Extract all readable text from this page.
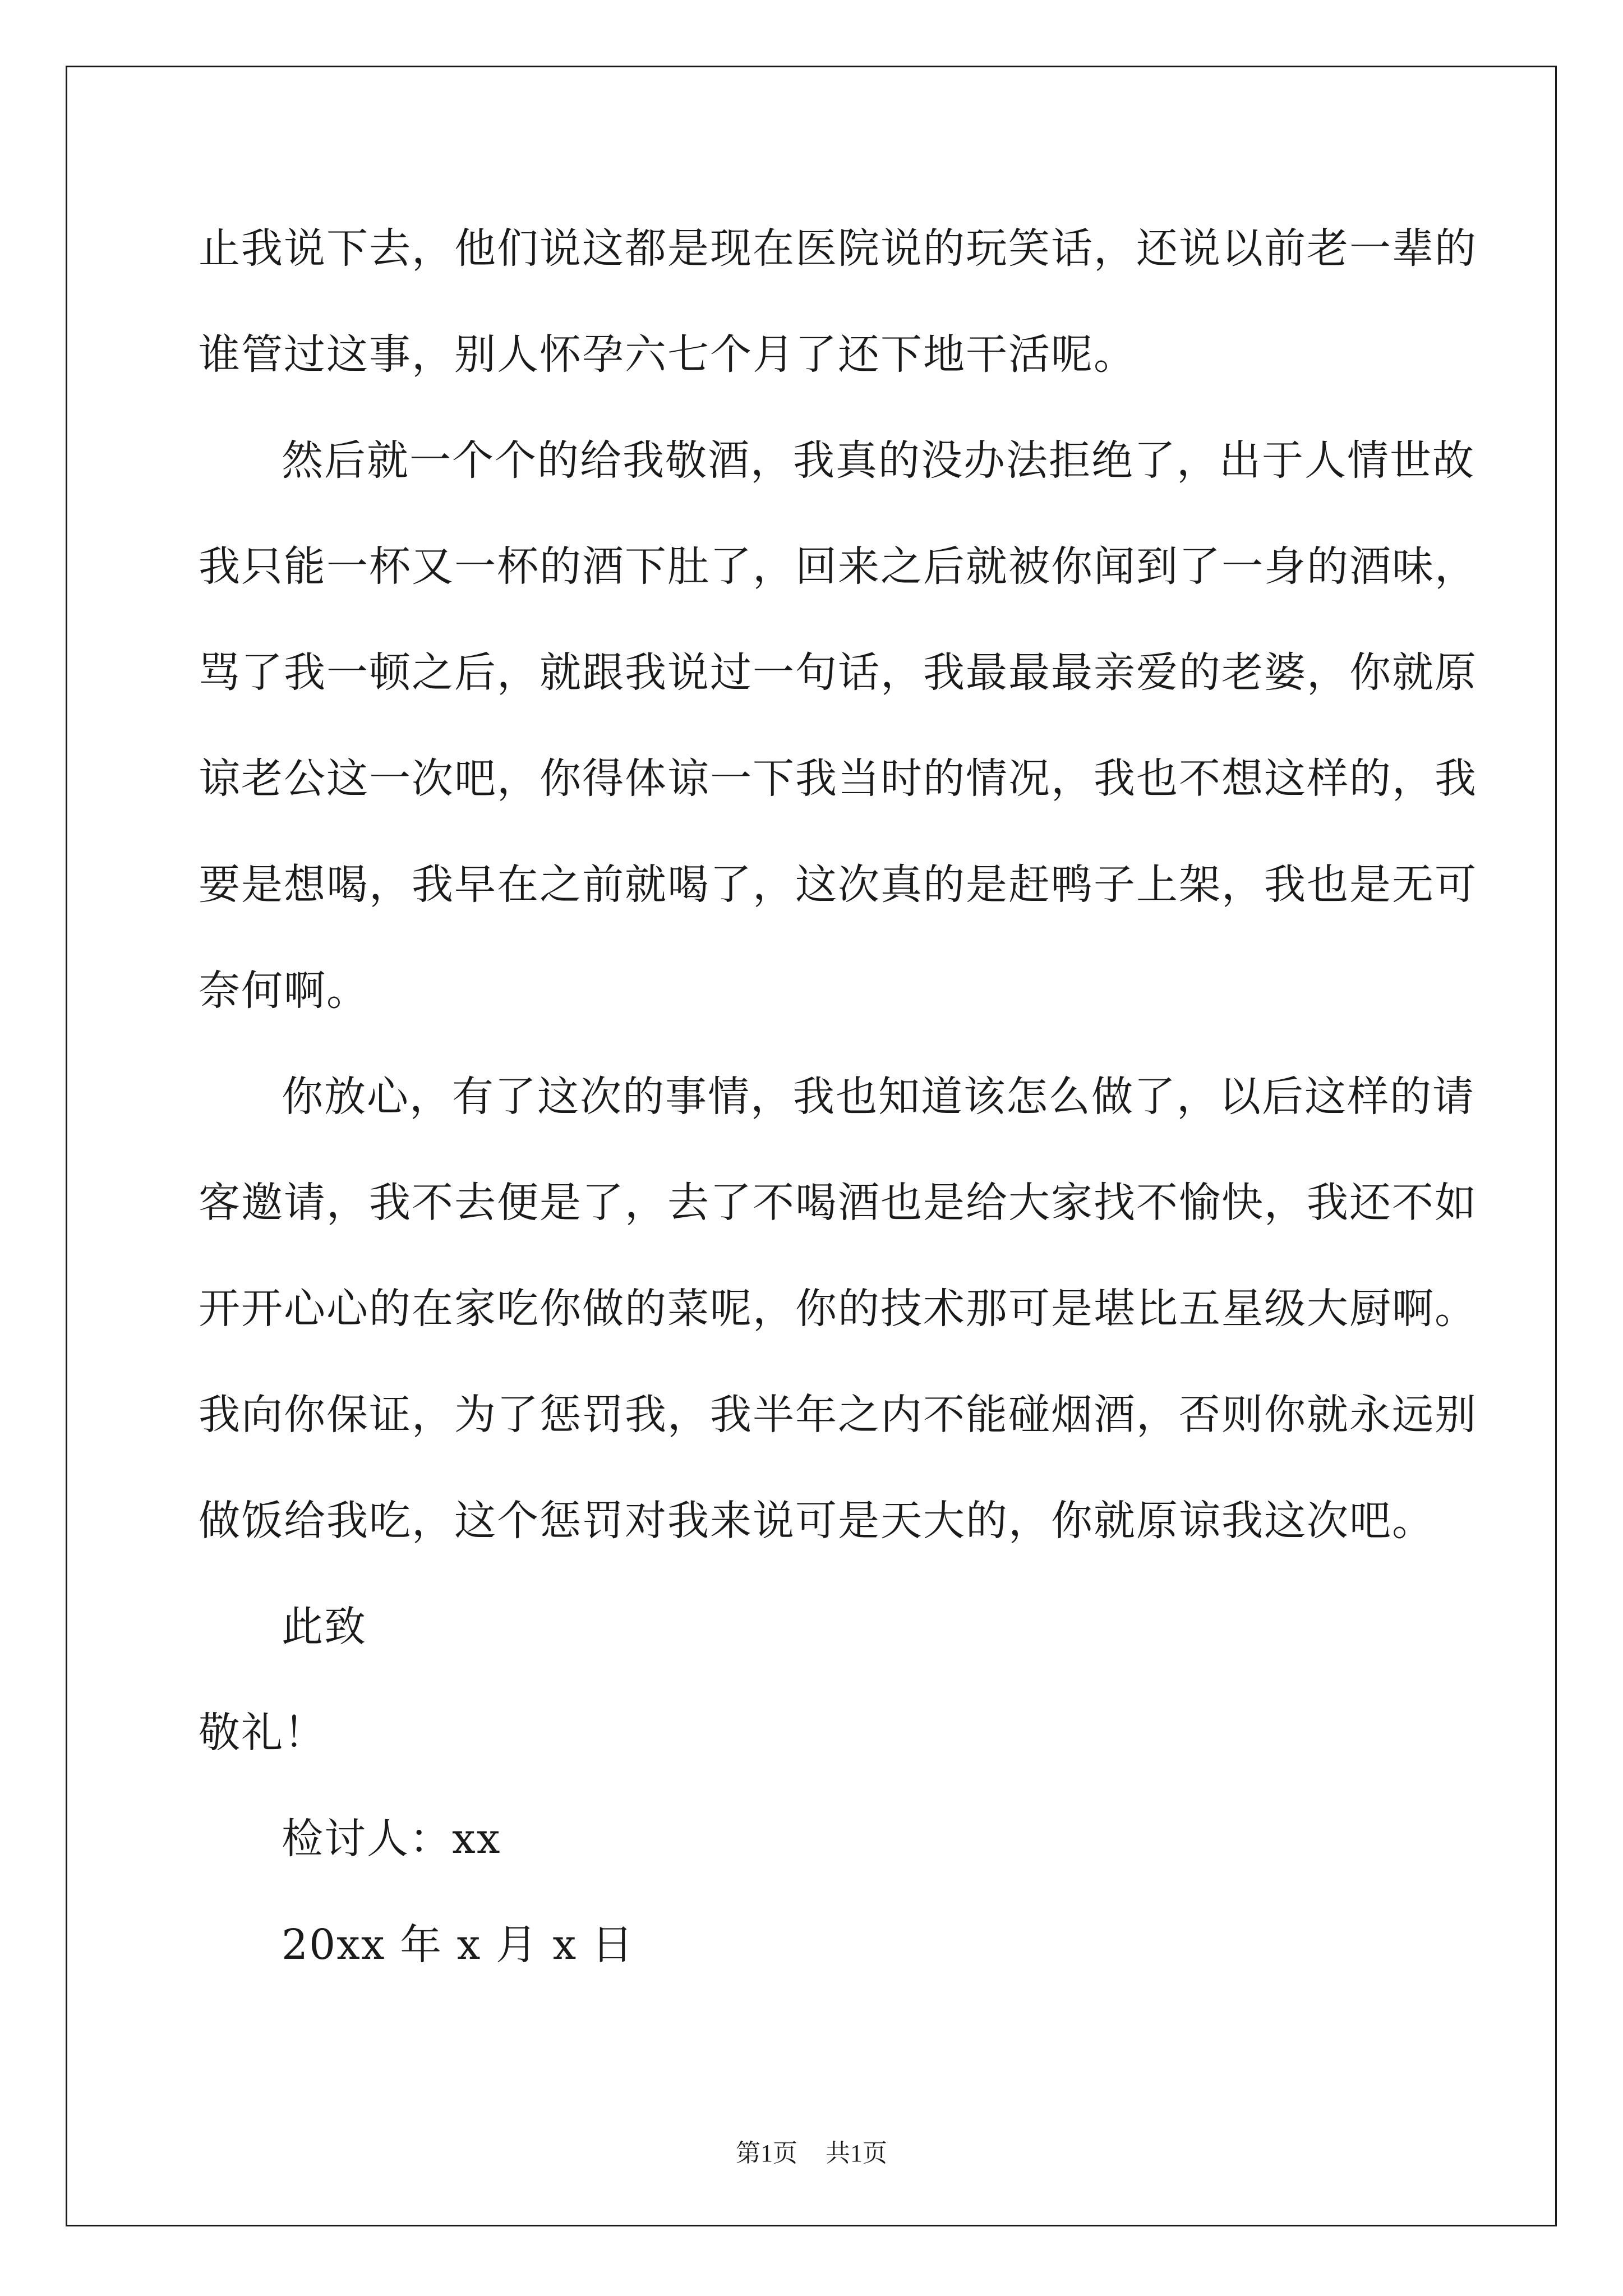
止我说下去，他们说这都是现在医院说的玩笑话，还说以前老一辈的
谁管过这事，别人怀孕六七个月了还下地干活呢。
然后就一个个的给我敬酒，我真的没办法拒绝了，出于人情世故
我只能一杯又一杯的酒下肚了，回来之后就被你闻到了一身的酒味，
骂了我一顿之后，就跟我说过一句话，我最最最亲爱的老婆，你就原
谅老公这一次吧，你得体谅一下我当时的情况，我也不想这样的，我
要是想喝，我早在之前就喝了，这次真的是赶鸭子上架，我也是无可
奈何啊。
你放心，有了这次的事情，我也知道该怎么做了，以后这样的请
客邀请，我不去便是了，去了不喝酒也是给大家找不愉快，我还不如
开开心心的在家吃你做的菜呢，你的技术那可是堪比五星级大厨啊。
我向你保证，为了惩罚我，我半年之内不能碰烟酒，否则你就永远别
做饭给我吃，这个惩罚对我来说可是天大的，你就原谅我这次吧。
此致
敬礼！
检讨人：xx
20xx 年 x 月 x 日
第1页 共1页
